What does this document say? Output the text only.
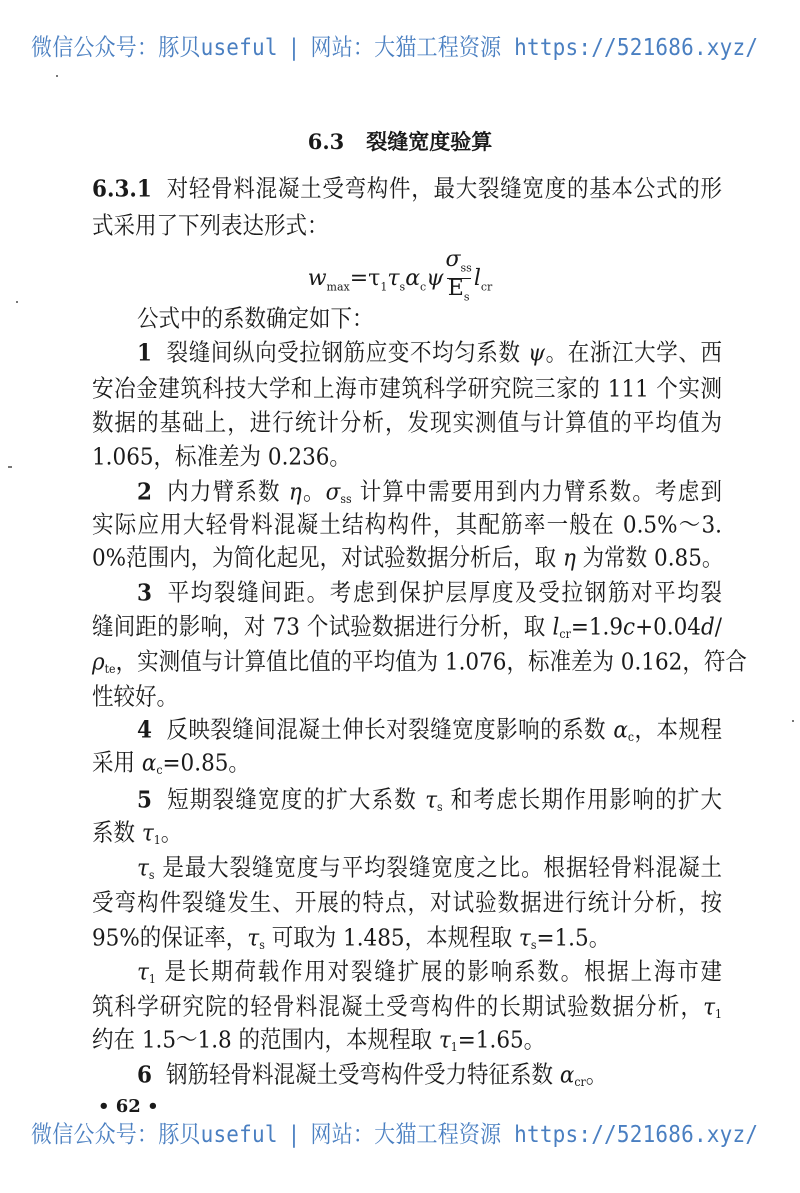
微信公众号：豚贝useful | 网站：大猫工程资源 https://521686.xyz/
6.3 裂缝宽度验算
$w_{max}=\tau_1\tau_s\alpha_c\psi \frac{\sigma_{ss}}{E_s} l_{cr}$
6.3.1 对轻骨料混凝土受弯构件，最大裂缝宽度的基本公式的形
式采用了下列表达形式：
公式中的系数确定如下：
1 裂缝间纵向受拉钢筋应变不均匀系数 ψ。在浙江大学、西
安冶金建筑科技大学和上海市建筑科学研究院三家的 111 个实测
数据的基础上，进行统计分析，发现实测值与计算值的平均值为
1.065，标准差为 0.236。
2 内力臂系数 η。$\sigma_{ss}$ 计算中需要用到内力臂系数。考虑到
实际应用大轻骨料混凝土结构构件，其配筋率一般在 0.5%～3.
0%范围内，为简化起见，对试验数据分析后，取 η 为常数 0.85。
3 平均裂缝间距。考虑到保护层厚度及受拉钢筋对平均裂
缝间距的影响，对 73 个试验数据进行分析，取 $l_{cr}=1.9c+0.04d/$
$\rho_{te}$，实测值与计算值比值的平均值为 1.076，标准差为 0.162，符合
性较好。
4 反映裂缝间混凝土伸长对裂缝宽度影响的系数 $\alpha_c$，本规程
采用 $\alpha_c=0.85$。
5 短期裂缝宽度的扩大系数 $\tau_s$ 和考虑长期作用影响的扩大
系数 $\tau_1$。
$\tau_s$ 是最大裂缝宽度与平均裂缝宽度之比。根据轻骨料混凝土
受弯构件裂缝发生、开展的特点，对试验数据进行统计分析，按
95%的保证率，$\tau_s$ 可取为 1.485，本规程取 $\tau_s=1.5$。
$\tau_1$ 是长期荷载作用对裂缝扩展的影响系数。根据上海市建
筑科学研究院的轻骨料混凝土受弯构件的长期试验数据分析，$\tau_1$
约在 1.5～1.8 的范围内，本规程取 $\tau_1=1.65$。
6 钢筋轻骨料混凝土受弯构件受力特征系数 $\alpha_{cr}$。
• 62 •
微信公众号：豚贝useful | 网站：大猫工程资源 https://521686.xyz/
